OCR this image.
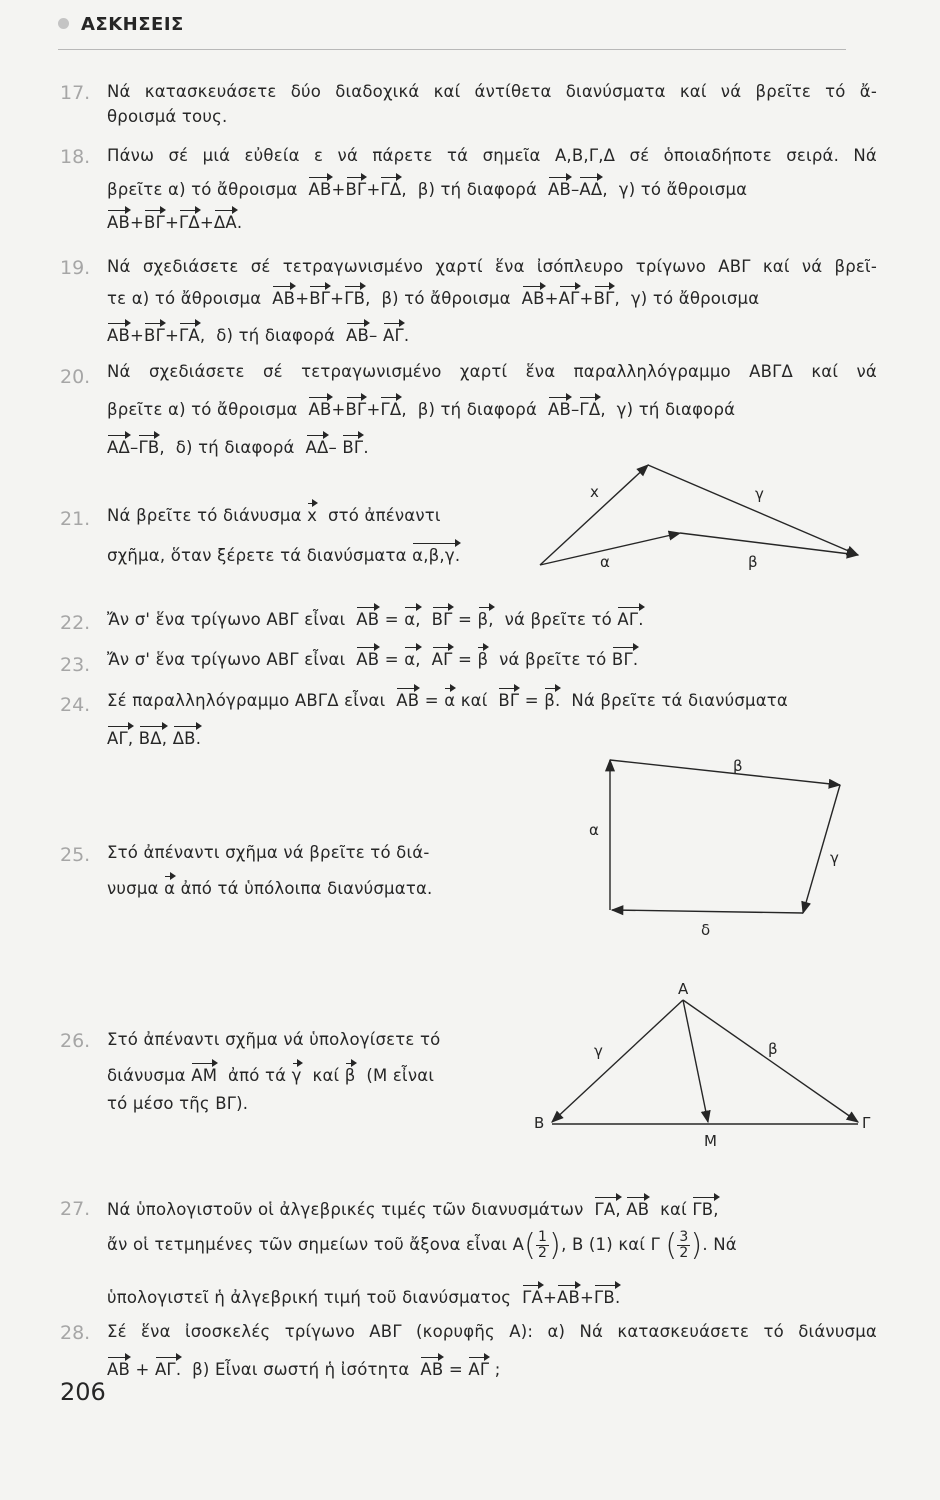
ΑΣΚΗΣΕΙΣ
17. Νά κατασκευάσετε δύο διαδοχικά καί άντίθετα διανύσματα καί νά βρεῖτε τό ἄ-
θροισμά τους.
18. Πάνω σέ μιά εὐθεία ε νά πάρετε τά σημεῖα Α,Β,Γ,Δ σέ ὁποιαδήποτε σειρά. Νά
βρεῖτε α) τό ἄθροισμα ΑΒ+ΒΓ+ΓΔ,  β) τή διαφορά ΑΒ–ΑΔ,  γ) τό ἄθροισμα
ΑΒ+ΒΓ+ΓΔ+ΔΑ.
19. Νά σχεδιάσετε σέ τετραγωνισμένο χαρτί ἕνα ἰσόπλευρο τρίγωνο ΑΒΓ καί νά βρεῖ-
τε α) τό ἄθροισμα ΑΒ+ΒΓ+ΓΒ,  β) τό ἄθροισμα ΑΒ+ΑΓ+ΒΓ,  γ) τό ἄθροισμα
ΑΒ+ΒΓ+ΓΑ,  δ) τή διαφορά ΑΒ– ΑΓ.
20. Νά σχεδιάσετε σέ τετραγωνισμένο χαρτί ἕνα παραλληλόγραμμο ΑΒΓΔ καί νά
βρεῖτε α) τό ἄθροισμα ΑΒ+ΒΓ+ΓΔ,  β) τή διαφορά ΑΒ–ΓΔ,  γ) τή διαφορά
ΑΔ–ΓΒ,  δ) τή διαφορά ΑΔ– ΒΓ.
21. Νά βρεῖτε τό διάνυσμα x στό ἀπέναντι
σχῆμα, ὅταν ξέρετε τά διανύσματα α,β,γ.
x	γ
α	β
22. Ἄν σ' ἕνα τρίγωνο ΑΒΓ εἶναι ΑΒ = α, ΒΓ = β, νά βρεῖτε τό ΑΓ.
23. Ἄν σ' ἕνα τρίγωνο ΑΒΓ εἶναι ΑΒ = α, ΑΓ = β νά βρεῖτε τό ΒΓ.
24. Σέ παραλληλόγραμμο ΑΒΓΔ εἶναι ΑΒ = α καί ΒΓ = β. Νά βρεῖτε τά διανύσματα
ΑΓ, ΒΔ, ΔΒ.
25. Στό ἀπέναντι σχῆμα νά βρεῖτε τό διά-
νυσμα α ἀπό τά ὑπόλοιπα διανύσματα.
α
β
γ
δ
26. Στό ἀπέναντι σχῆμα νά ὑπολογίσετε τό
διάνυσμα ΑΜ ἀπό τά γ καί β (Μ εἶναι
τό μέσο τῆς ΒΓ).
Α
Β	Γ
Μ
γ	β
27. Νά ὑπολογιστοῦν οἱ ἀλγεβρικές τιμές τῶν διανυσμάτων ΓΑ, ΑΒ καί ΓΒ,
ἄν οἱ τετμημένες τῶν σημείων τοῦ ἄξονα εἶναι $A( \frac{1}{2}$ ), Β (1) καί Γ ( $\frac{3}{2}$ ). Νά
ὑπολογιστεῖ ἡ ἀλγεβρική τιμή τοῦ διανύσματος ΓΑ+ΑΒ+ΓΒ.
28. Σέ ἕνα ἰσοσκελές τρίγωνο ΑΒΓ (κορυφῆς Α): α) Νά κατασκευάσετε τό διάνυσμα
ΑΒ + ΑΓ. β) Εἶναι σωστή ἡ ἰσότητα ΑΒ = ΑΓ ;
206
